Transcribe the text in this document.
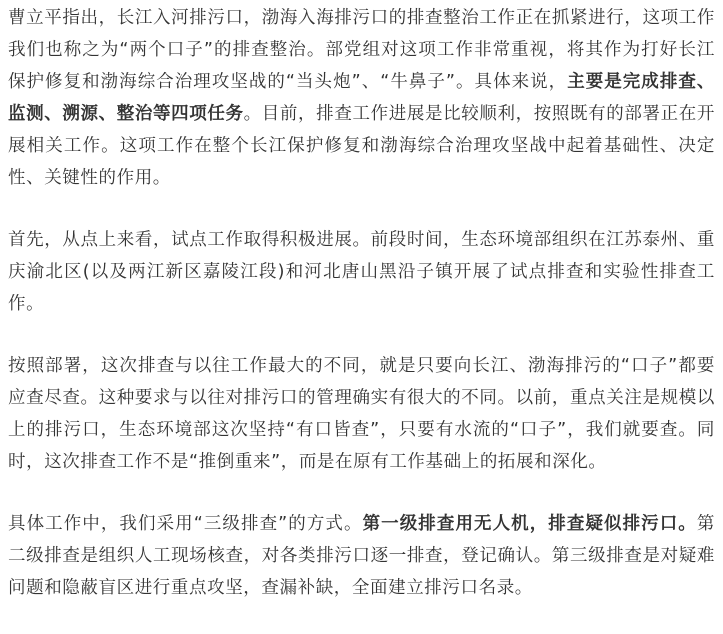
曹立平指出，长江入河排污口，渤海入海排污口的排查整治工作正在抓紧进行，这项工作我们也称之为“两个口子”的排查整治。部党组对这项工作非常重视，将其作为打好长江保护修复和渤海综合治理攻坚战的“当头炮”、“牛鼻子”。具体来说，主要是完成排查、监测、溯源、整治等四项任务。目前，排查工作进展是比较顺利，按照既有的部署正在开展相关工作。这项工作在整个长江保护修复和渤海综合治理攻坚战中起着基础性、决定性、关键性的作用。

首先，从点上来看，试点工作取得积极进展。前段时间，生态环境部组织在江苏泰州、重庆渝北区(以及两江新区嘉陵江段)和河北唐山黑沿子镇开展了试点排查和实验性排查工作。

按照部署，这次排查与以往工作最大的不同，就是只要向长江、渤海排污的“口子”都要应查尽查。这种要求与以往对排污口的管理确实有很大的不同。以前，重点关注是规模以上的排污口，生态环境部这次坚持“有口皆查”，只要有水流的“口子”，我们就要查。同时，这次排查工作不是“推倒重来”，而是在原有工作基础上的拓展和深化。

具体工作中，我们采用“三级排查”的方式。第一级排查用无人机，排查疑似排污口。第二级排查是组织人工现场核查，对各类排污口逐一排查，登记确认。第三级排查是对疑难问题和隐蔽盲区进行重点攻坚，查漏补缺，全面建立排污口名录。
